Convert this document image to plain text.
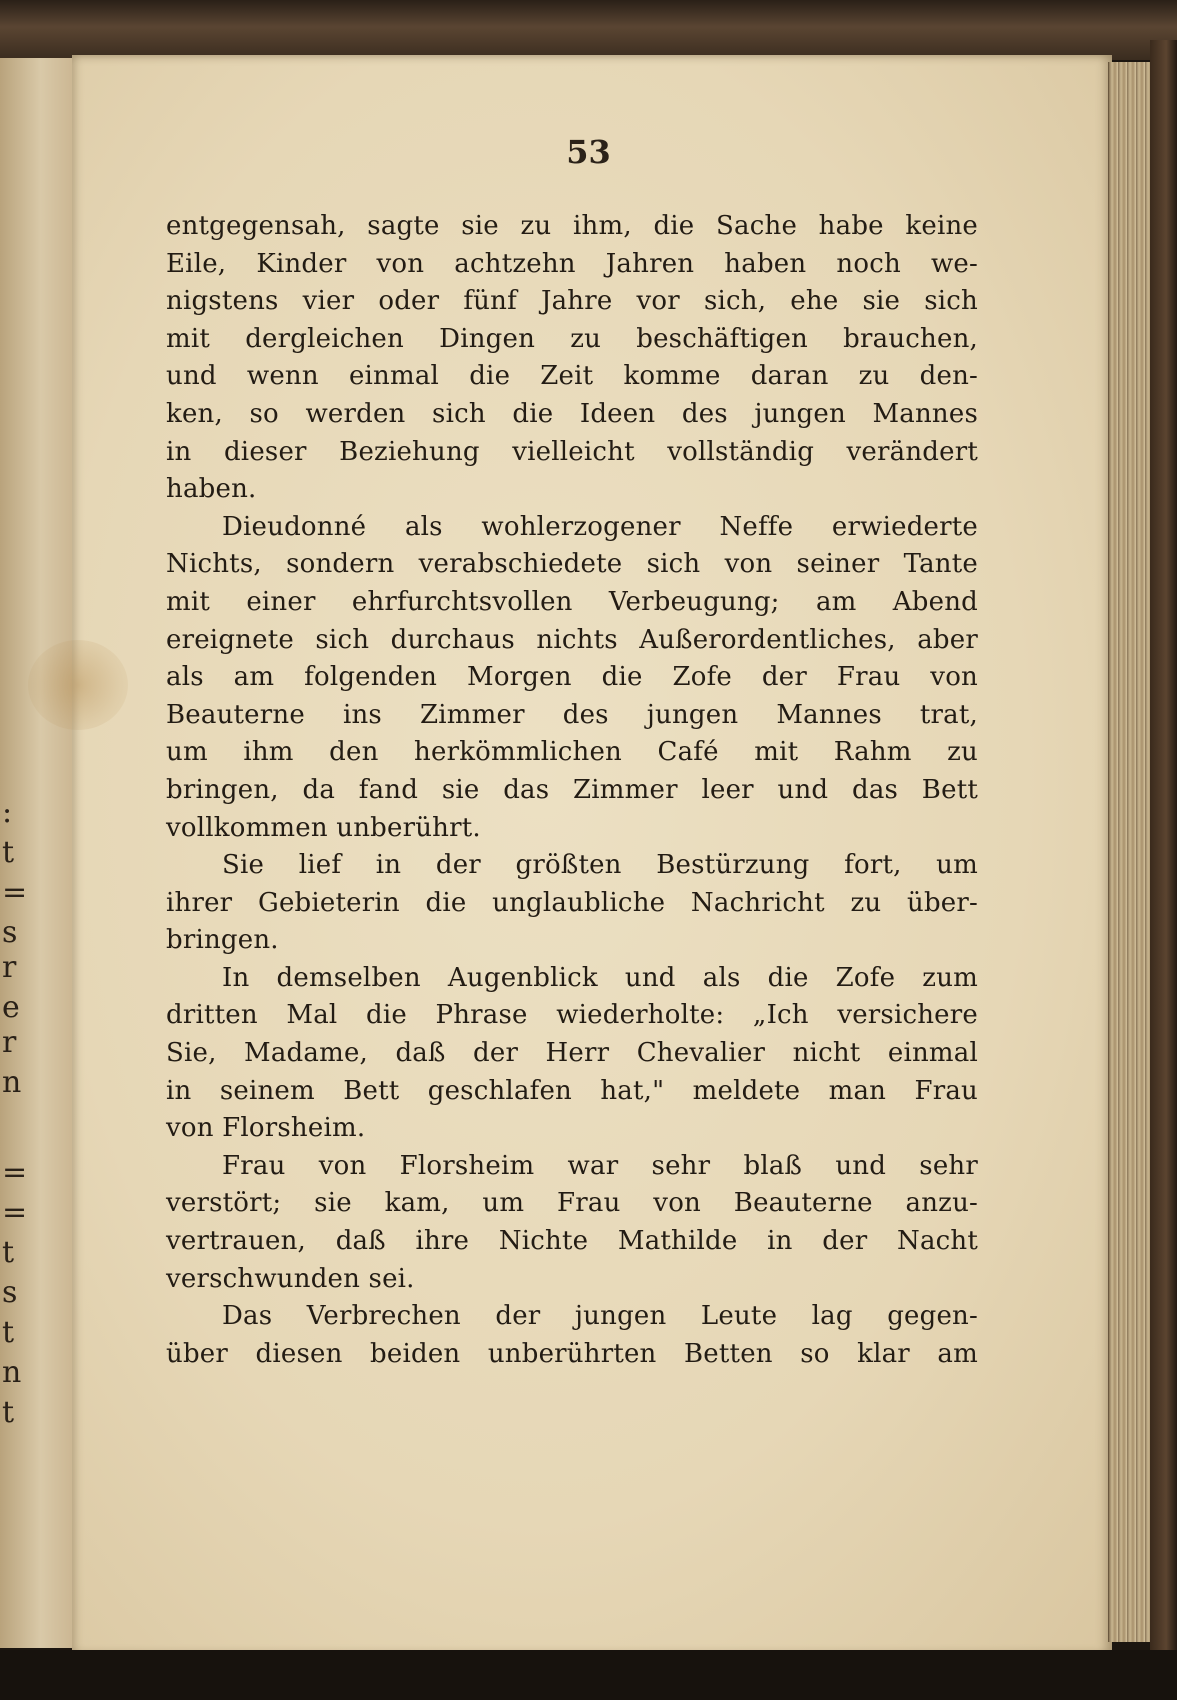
:
t
=
s
r
e
r
n
=
=
t
s
t
n
t
53
entgegensah, sagte sie zu ihm, die Sache habe keine
Eile, Kinder von achtzehn Jahren haben noch we-
nigstens vier oder fünf Jahre vor sich, ehe sie sich
mit dergleichen Dingen zu beschäftigen brauchen,
und wenn einmal die Zeit komme daran zu den-
ken, so werden sich die Ideen des jungen Mannes
in dieser Beziehung vielleicht vollständig verändert
haben.
Dieudonné als wohlerzogener Neffe erwiederte
Nichts, sondern verabschiedete sich von seiner Tante
mit einer ehrfurchtsvollen Verbeugung; am Abend
ereignete sich durchaus nichts Außerordentliches, aber
als am folgenden Morgen die Zofe der Frau von
Beauterne ins Zimmer des jungen Mannes trat,
um ihm den herkömmlichen Café mit Rahm zu
bringen, da fand sie das Zimmer leer und das Bett
vollkommen unberührt.
Sie lief in der größten Bestürzung fort, um
ihrer Gebieterin die unglaubliche Nachricht zu über-
bringen.
In demselben Augenblick und als die Zofe zum
dritten Mal die Phrase wiederholte: „Ich versichere
Sie, Madame, daß der Herr Chevalier nicht einmal
in seinem Bett geschlafen hat," meldete man Frau
von Florsheim.
Frau von Florsheim war sehr blaß und sehr
verstört; sie kam, um Frau von Beauterne anzu-
vertrauen, daß ihre Nichte Mathilde in der Nacht
verschwunden sei.
Das Verbrechen der jungen Leute lag gegen-
über diesen beiden unberührten Betten so klar am
